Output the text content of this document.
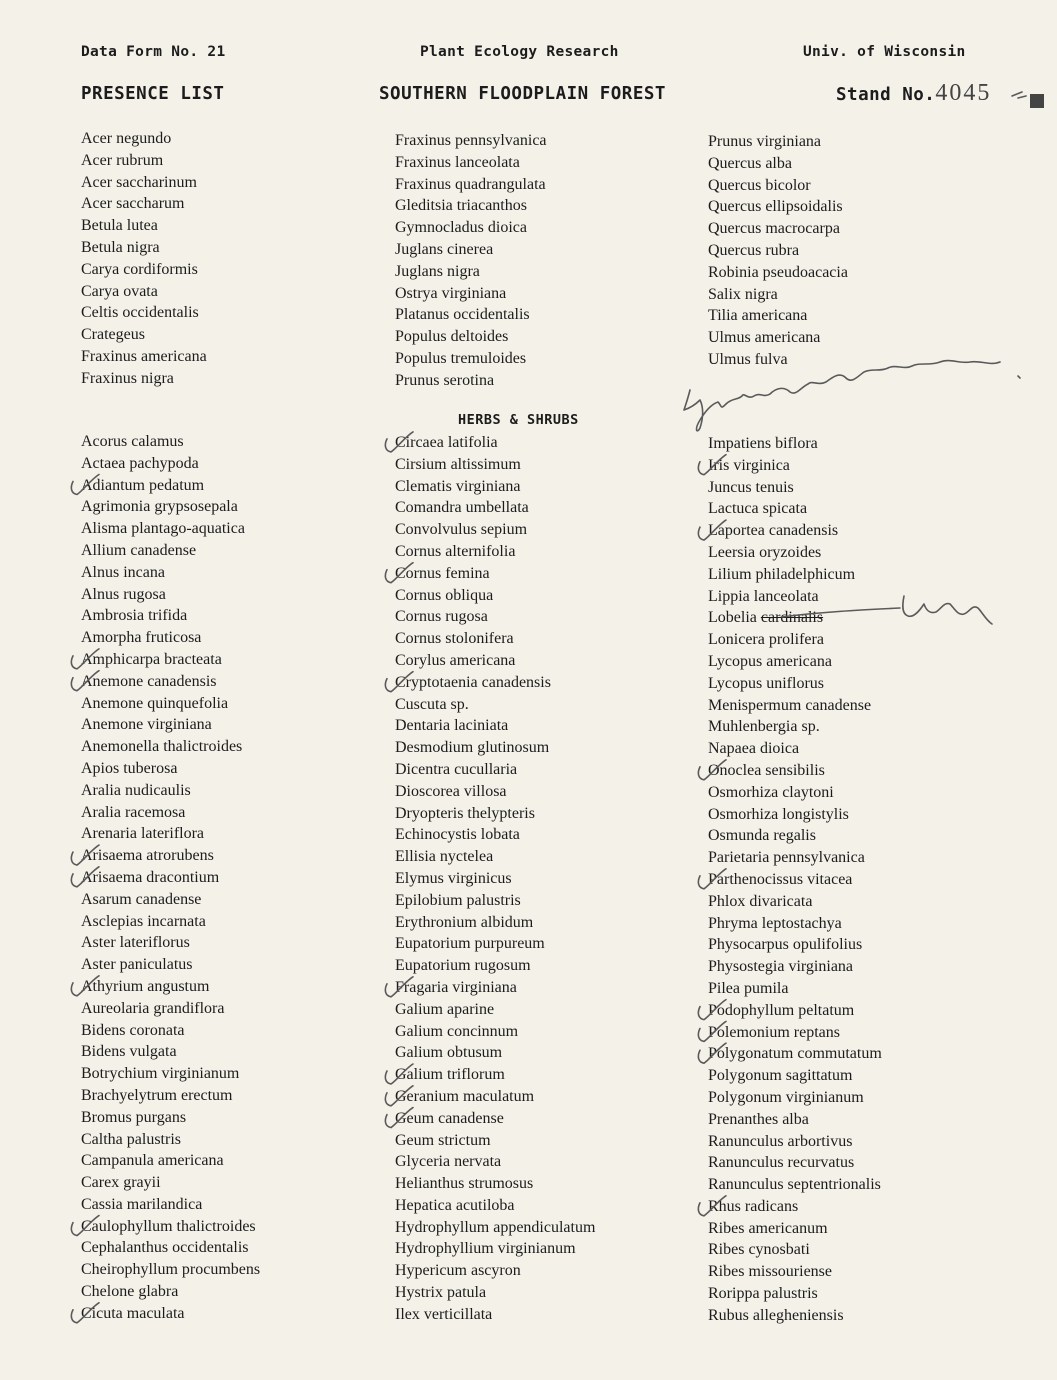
Data Form No. 21	Plant Ecology Research	Univ. of Wisconsin
PRESENCE LIST	SOUTHERN FLOODPLAIN FOREST	Stand No.4045
Acer negundo
Acer rubrum
Acer saccharinum
Acer saccharum
Betula lutea
Betula nigra
Carya cordiformis
Carya ovata
Celtis occidentalis
Crategeus
Fraxinus americana
Fraxinus nigra
Fraxinus pennsylvanica
Fraxinus lanceolata
Fraxinus quadrangulata
Gleditsia triacanthos
Gymnocladus dioica
Juglans cinerea
Juglans nigra
Ostrya virginiana
Platanus occidentalis
Populus deltoides
Populus tremuloides
Prunus serotina
Prunus virginiana
Quercus alba
Quercus bicolor
Quercus ellipsoidalis
Quercus macrocarpa
Quercus rubra
Robinia pseudoacacia
Salix nigra
Tilia americana
Ulmus americana
Ulmus fulva
HERBS & SHRUBS
Acorus calamus
Actaea pachypoda
Adiantum pedatum
Agrimonia grypsosepala
Alisma plantago-aquatica
Allium canadense
Alnus incana
Alnus rugosa
Ambrosia trifida
Amorpha fruticosa
Amphicarpa bracteata
Anemone canadensis
Anemone quinquefolia
Anemone virginiana
Anemonella thalictroides
Apios tuberosa
Aralia nudicaulis
Aralia racemosa
Arenaria lateriflora
Arisaema atrorubens
Arisaema dracontium
Asarum canadense
Asclepias incarnata
Aster lateriflorus
Aster paniculatus
Athyrium angustum
Aureolaria grandiflora
Bidens coronata
Bidens vulgata
Botrychium virginianum
Brachyelytrum erectum
Bromus purgans
Caltha palustris
Campanula americana
Carex grayii
Cassia marilandica
Caulophyllum thalictroides
Cephalanthus occidentalis
Cheirophyllum procumbens
Chelone glabra
Cicuta maculata
Circaea latifolia
Cirsium altissimum
Clematis virginiana
Comandra umbellata
Convolvulus sepium
Cornus alternifolia
Cornus femina
Cornus obliqua
Cornus rugosa
Cornus stolonifera
Corylus americana
Cryptotaenia canadensis
Cuscuta sp.
Dentaria laciniata
Desmodium glutinosum
Dicentra cucullaria
Dioscorea villosa
Dryopteris thelypteris
Echinocystis lobata
Ellisia nyctelea
Elymus virginicus
Epilobium palustris
Erythronium albidum
Eupatorium purpureum
Eupatorium rugosum
Fragaria virginiana
Galium aparine
Galium concinnum
Galium obtusum
Galium triflorum
Geranium maculatum
Geum canadense
Geum strictum
Glyceria nervata
Helianthus strumosus
Hepatica acutiloba
Hydrophyllum appendiculatum
Hydrophyllium virginianum
Hypericum ascyron
Hystrix patula
Ilex verticillata
Impatiens biflora
Iris virginica
Juncus tenuis
Lactuca spicata
Laportea canadensis
Leersia oryzoides
Lilium philadelphicum
Lippia lanceolata
Lobelia cardinalis
Lonicera prolifera
Lycopus americana
Lycopus uniflorus
Menispermum canadense
Muhlenbergia sp.
Napaea dioica
Onoclea sensibilis
Osmorhiza claytoni
Osmorhiza longistylis
Osmunda regalis
Parietaria pennsylvanica
Parthenocissus vitacea
Phlox divaricata
Phryma leptostachya
Physocarpus opulifolius
Physostegia virginiana
Pilea pumila
Podophyllum peltatum
Polemonium reptans
Polygonatum commutatum
Polygonum sagittatum
Polygonum virginianum
Prenanthes alba
Ranunculus arbortivus
Ranunculus recurvatus
Ranunculus septentrionalis
Rhus radicans
Ribes americanum
Ribes cynosbati
Ribes missouriense
Rorippa palustris
Rubus allegheniensis
